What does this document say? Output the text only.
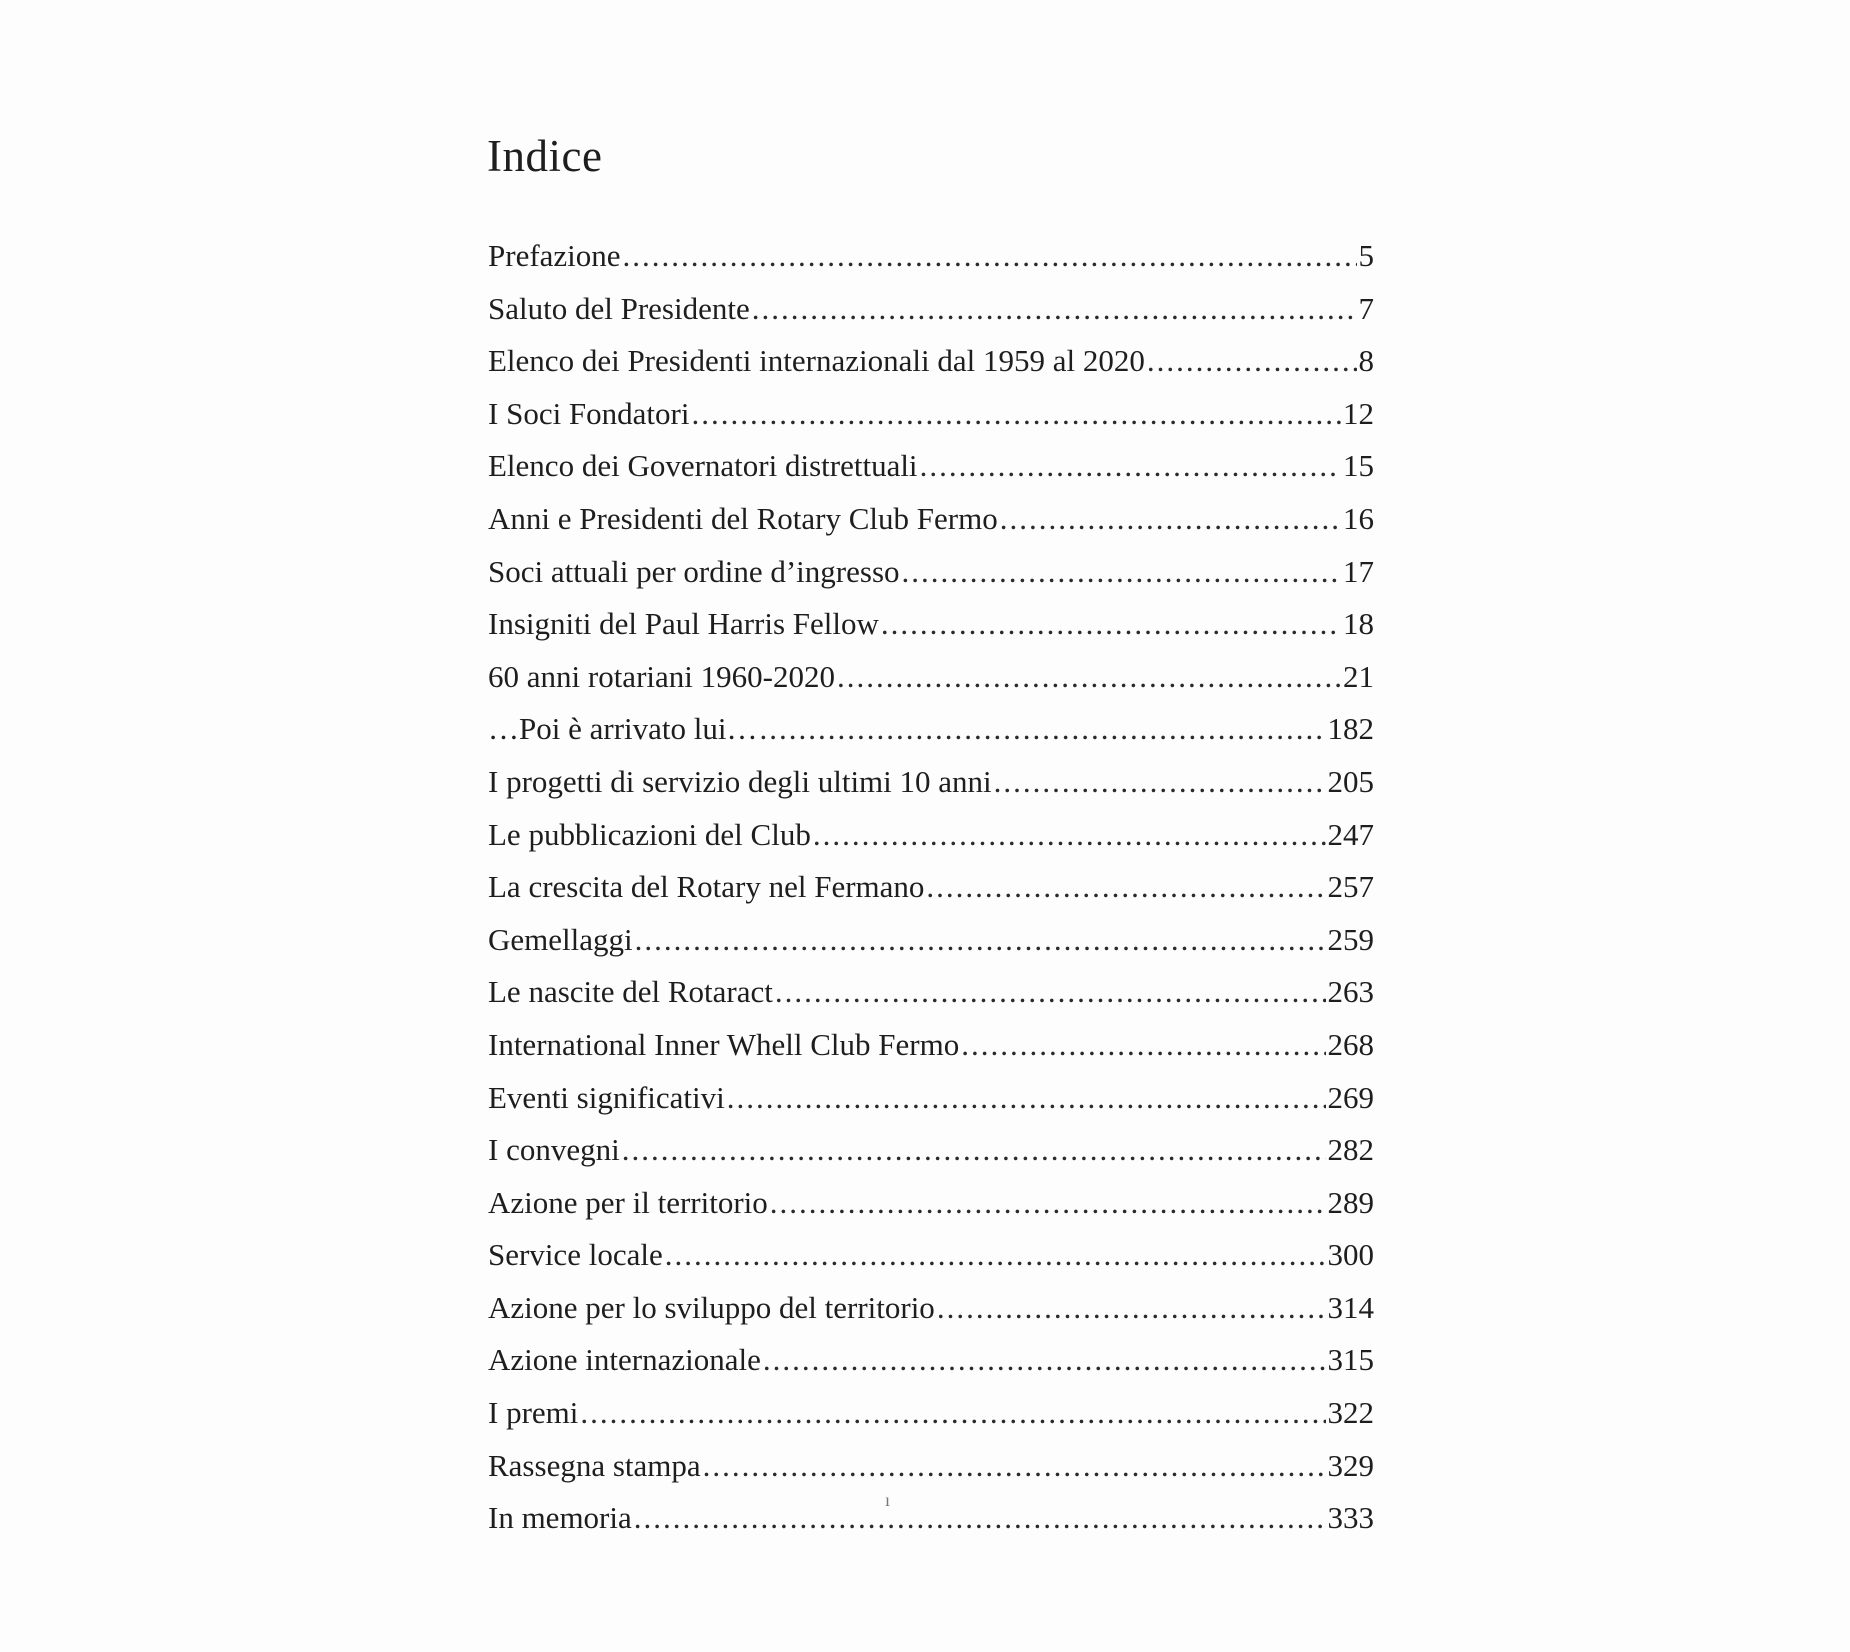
Indice
Prefazione .....	5
Saluto del Presidente .....	7
Elenco dei Presidenti internazionali dal 1959 al 2020 .....	8
I Soci Fondatori .....	12
Elenco dei Governatori distrettuali .....	15
Anni e Presidenti del Rotary Club Fermo .....	16
Soci attuali per ordine d’ingresso .....	17
Insigniti del Paul Harris Fellow .....	18
60 anni rotariani 1960-2020 .....	21
…Poi è arrivato lui… .....	182
I progetti di servizio degli ultimi 10 anni .....	205
Le pubblicazioni del Club .....	247
La crescita del Rotary nel Fermano .....	257
Gemellaggi .....	259
Le nascite del Rotaract .....	263
International Inner Whell Club Fermo .....	268
Eventi significativi .....	269
I convegni .....	282
Azione per il territorio .....	289
Service locale .....	300
Azione per lo sviluppo del territorio .....	314
Azione internazionale .....	315
I premi .....	322
Rassegna stampa .....	329
In memoria .....	333
ı
